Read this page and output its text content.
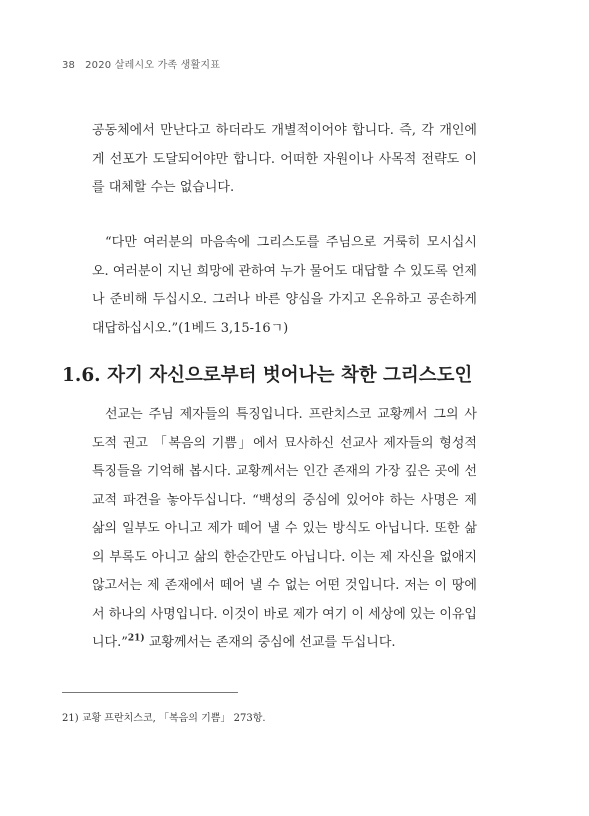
38 2020 살레시오 가족 생활지표

공동체에서 만난다고 하더라도 개별적이어야 합니다. 즉, 각 개인에게 선포가 도달되어야만 합니다. 어떠한 자원이나 사목적 전략도 이를 대체할 수는 없습니다.

“다만 여러분의 마음속에 그리스도를 주님으로 거룩히 모시십시오. 여러분이 지닌 희망에 관하여 누가 물어도 대답할 수 있도록 언제나 준비해 두십시오. 그러나 바른 양심을 가지고 온유하고 공손하게 대답하십시오.”(1베드 3,15-16ㄱ)

1.6. 자기 자신으로부터 벗어나는 착한 그리스도인

선교는 주님 제자들의 특징입니다. 프란치스코 교황께서 그의 사도적 권고 「복음의 기쁨」에서 묘사하신 선교사 제자들의 형성적 특징들을 기억해 봅시다. 교황께서는 인간 존재의 가장 깊은 곳에 선교적 파견을 놓아두십니다. “백성의 중심에 있어야 하는 사명은 제 삶의 일부도 아니고 제가 떼어 낼 수 있는 방식도 아닙니다. 또한 삶의 부록도 아니고 삶의 한순간만도 아닙니다. 이는 제 자신을 없애지 않고서는 제 존재에서 떼어 낼 수 없는 어떤 것입니다. 저는 이 땅에서 하나의 사명입니다. 이것이 바로 제가 여기 이 세상에 있는 이유입니다.”$^{21)}$ 교황께서는 존재의 중심에 선교를 두십니다.

21) 교황 프란치스코, 「복음의 기쁨」 273항.
